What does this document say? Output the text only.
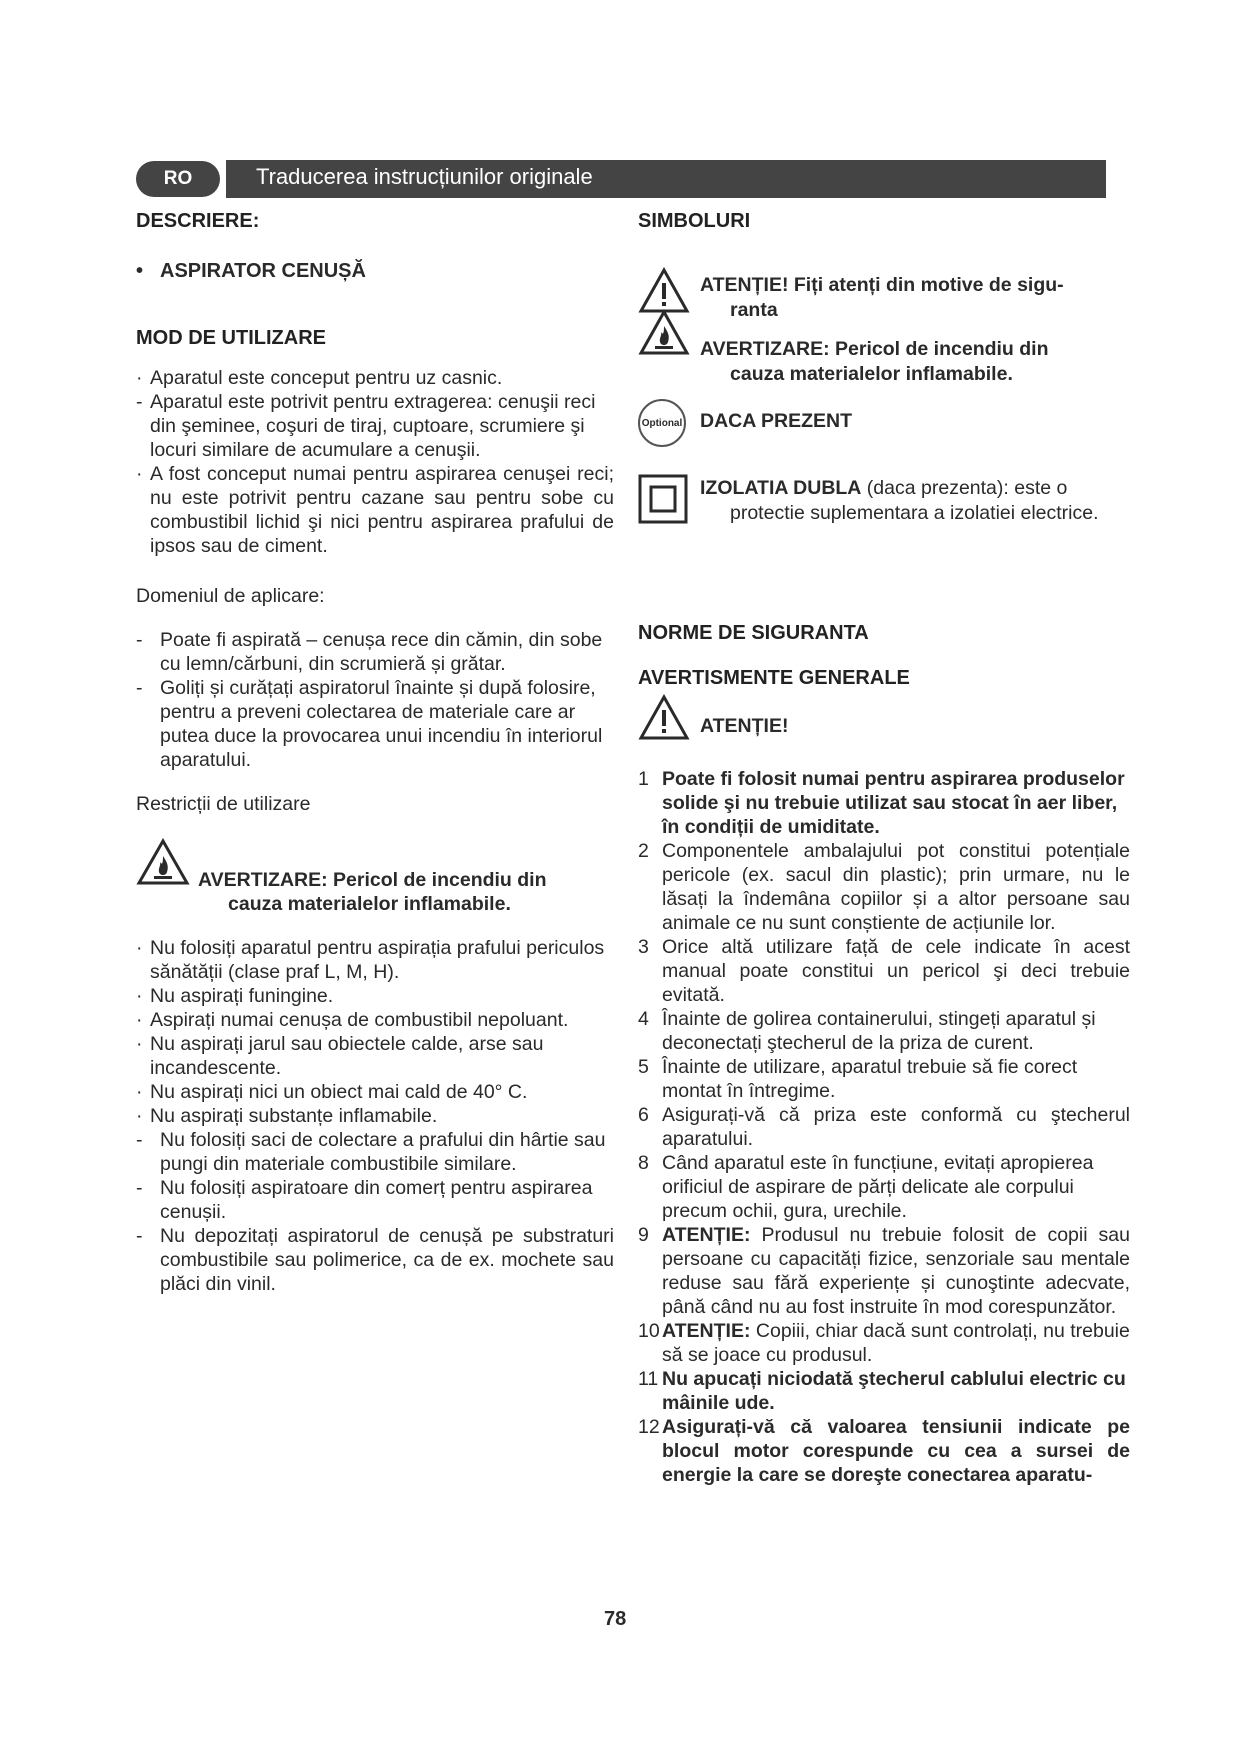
RO	Traducerea instrucțiunilor originale

DESCRIERE:

• ASPIRATOR CENUȘĂ

MOD DE UTILIZARE

· Aparatul este conceput pentru uz casnic.
- Aparatul este potrivit pentru extragerea: cenuşii reci din şeminee, coşuri de tiraj, cuptoare, scrumiere şi locuri similare de acumulare a cenuşii.
· A fost conceput numai pentru aspirarea cenuşei reci; nu este potrivit pentru cazane sau pentru sobe cu combustibil lichid şi nici pentru aspirarea prafului de ipsos sau de ciment.
Domeniul de aplicare:
- Poate fi aspirată – cenușa rece din cămin, din sobe cu lemn/cărbuni, din scrumieră și grătar.
- Goliți și curățați aspiratorul înainte și după folosire, pentru a preveni colectarea de materiale care ar putea duce la provocarea unui incendiu în interiorul aparatului.
Restricții de utilizare
AVERTIZARE: Pericol de incendiu din
cauza materialelor inflamabile.
· Nu folosiți aparatul pentru aspirația prafului periculos sănătății (clase praf L, M, H).
· Nu aspirați funingine.
· Aspirați numai cenușa de combustibil nepoluant.
· Nu aspirați jarul sau obiectele calde, arse sau incandescente.
· Nu aspirați nici un obiect mai cald de 40° C.
· Nu aspirați substanțe inflamabile.
- Nu folosiți saci de colectare a prafului din hârtie sau pungi din materiale combustibile similare.
- Nu folosiți aspiratoare din comerț pentru aspirarea cenușii.
- Nu depozitați aspiratorul de cenușă pe substraturi combustibile sau polimerice, ca de ex. mochete sau plăci din vinil.

SIMBOLURI

ATENȚIE! Fiți atenți din motive de sigu-

ranta
AVERTIZARE: Pericol de incendiu din

cauza materialelor inflamabile.
Optional DACA PREZENT
IZOLATIA DUBLA (daca prezenta): este o

protectie suplementara a izolatiei electrice.

NORME DE SIGURANTA

AVERTISMENTE GENERALE

ATENȚIE!
1 Poate fi folosit numai pentru aspirarea produselor solide şi nu trebuie utilizat sau stocat în aer liber, în condiții de umiditate.
2 Componentele ambalajului pot constitui potențiale pericole (ex. sacul din plastic); prin urmare, nu le lăsați la îndemâna copiilor și a altor persoane sau animale ce nu sunt conștiente de acțiunile lor.
3 Orice altă utilizare față de cele indicate în acest manual poate constitui un pericol şi deci trebuie evitată.
4 Înainte de golirea containerului, stingeți aparatul și deconectați ştecherul de la priza de curent.
5 Înainte de utilizare, aparatul trebuie să fie corect montat în întregime.
6 Asigurați-vă că priza este conformă cu ştecherul aparatului.
8 Când aparatul este în funcțiune, evitați apropierea orificiul de aspirare de părți delicate ale corpului precum ochii, gura, urechile.
9 ATENȚIE: Produsul nu trebuie folosit de copii sau persoane cu capacități fizice, senzoriale sau mentale reduse sau fără experiențe și cunoştinte adecvate, până când nu au fost instruite în mod corespunzător.
10 ATENȚIE: Copiii, chiar dacă sunt controlați, nu trebuie să se joace cu produsul.
11 Nu apucați niciodată ştecherul cablului electric cu mâinile ude.
12 Asigurați-vă că valoarea tensiunii indicate pe blocul motor corespunde cu cea a sursei de energie la care se doreşte conectarea aparatu-
78
